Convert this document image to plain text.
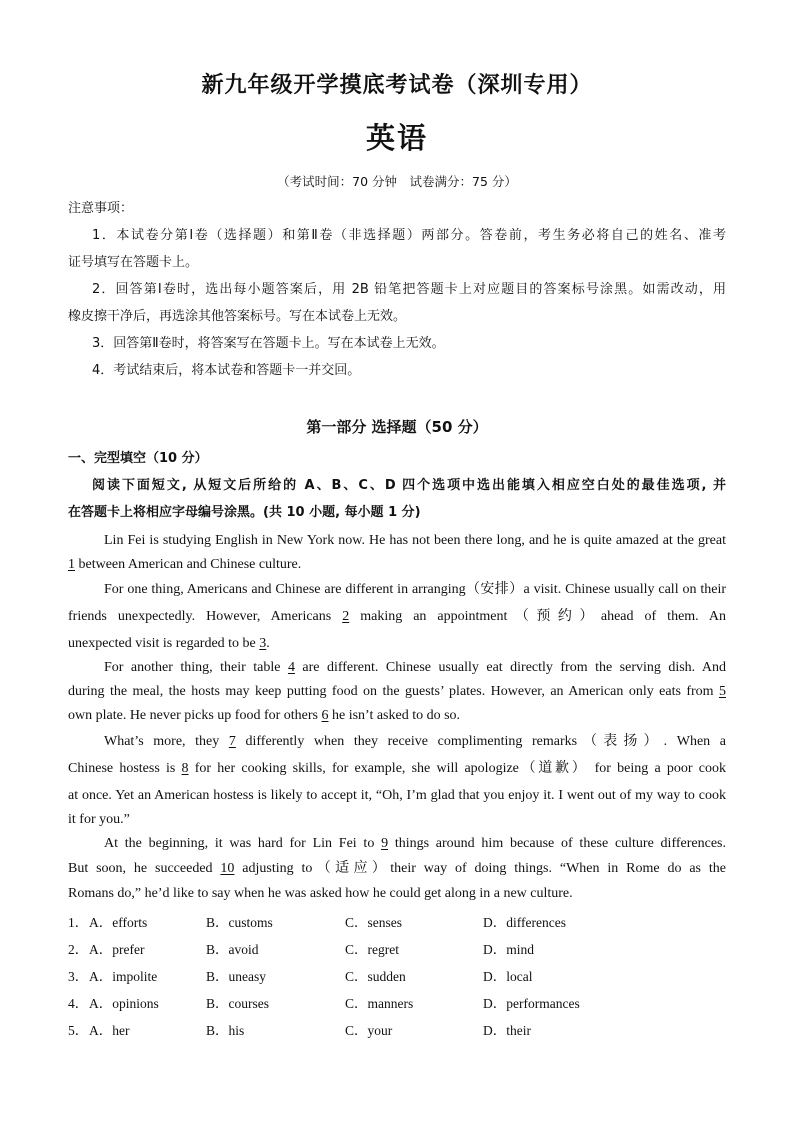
新九年级开学摸底考试卷（深圳专用）
英语
（考试时间：70 分钟　试卷满分：75 分）
注意事项：
1．本试卷分第Ⅰ卷（选择题）和第Ⅱ卷（非选择题）两部分。答卷前，考生务必将自己的姓名、准考
证号填写在答题卡上。
2．回答第Ⅰ卷时，选出每小题答案后，用 2B 铅笔把答题卡上对应题目的答案标号涂黑。如需改动，用
橡皮擦干净后，再选涂其他答案标号。写在本试卷上无效。
3．回答第Ⅱ卷时，将答案写在答题卡上。写在本试卷上无效。
4．考试结束后，将本试卷和答题卡一并交回。
第一部分 选择题（50 分）
一、完型填空（10 分）
阅读下面短文, 从短文后所给的 A、B、C、D 四个选项中选出能填入相应空白处的最佳选项, 并
在答题卡上将相应字母编号涂黑。(共 10 小题, 每小题 1 分)
Lin Fei is studying English in New York now. He has not been there long, and he is quite amazed at the great
1 between American and Chinese culture.
For one thing, Americans and Chinese are different in arranging（安排）a visit. Chinese usually call on their
friends unexpectedly. However, Americans 2 making an appointment（预约）ahead of them. An
unexpected visit is regarded to be 3.
For another thing, their table 4 are different. Chinese usually eat directly from the serving dish. And
during the meal, the hosts may keep putting food on the guests’ plates. However, an American only eats from 5
own plate. He never picks up food for others 6 he isn’t asked to do so.
What’s more, they 7 differently when they receive complimenting remarks（表扬）. When a
Chinese hostess is 8 for her cooking skills, for example, she will apologize（道歉） for being a poor cook
at once. Yet an American hostess is likely to accept it, “Oh, I’m glad that you enjoy it. I went out of my way to cook
it for you.”
At the beginning, it was hard for Lin Fei to 9 things around him because of these culture differences.
But soon, he succeeded 10 adjusting to（适应）their way of doing things. “When in Rome do as the
Romans do,” he’d like to say when he was asked how he could get along in a new culture.
1． A．efforts	B．customs	C．senses	D．differences
2． A．prefer	B．avoid	C．regret	D．mind
3． A．impolite	B．uneasy	C．sudden	D．local
4． A．opinions	B．courses	C．manners	D．performances
5． A．her	B．his	C．your	D．their
